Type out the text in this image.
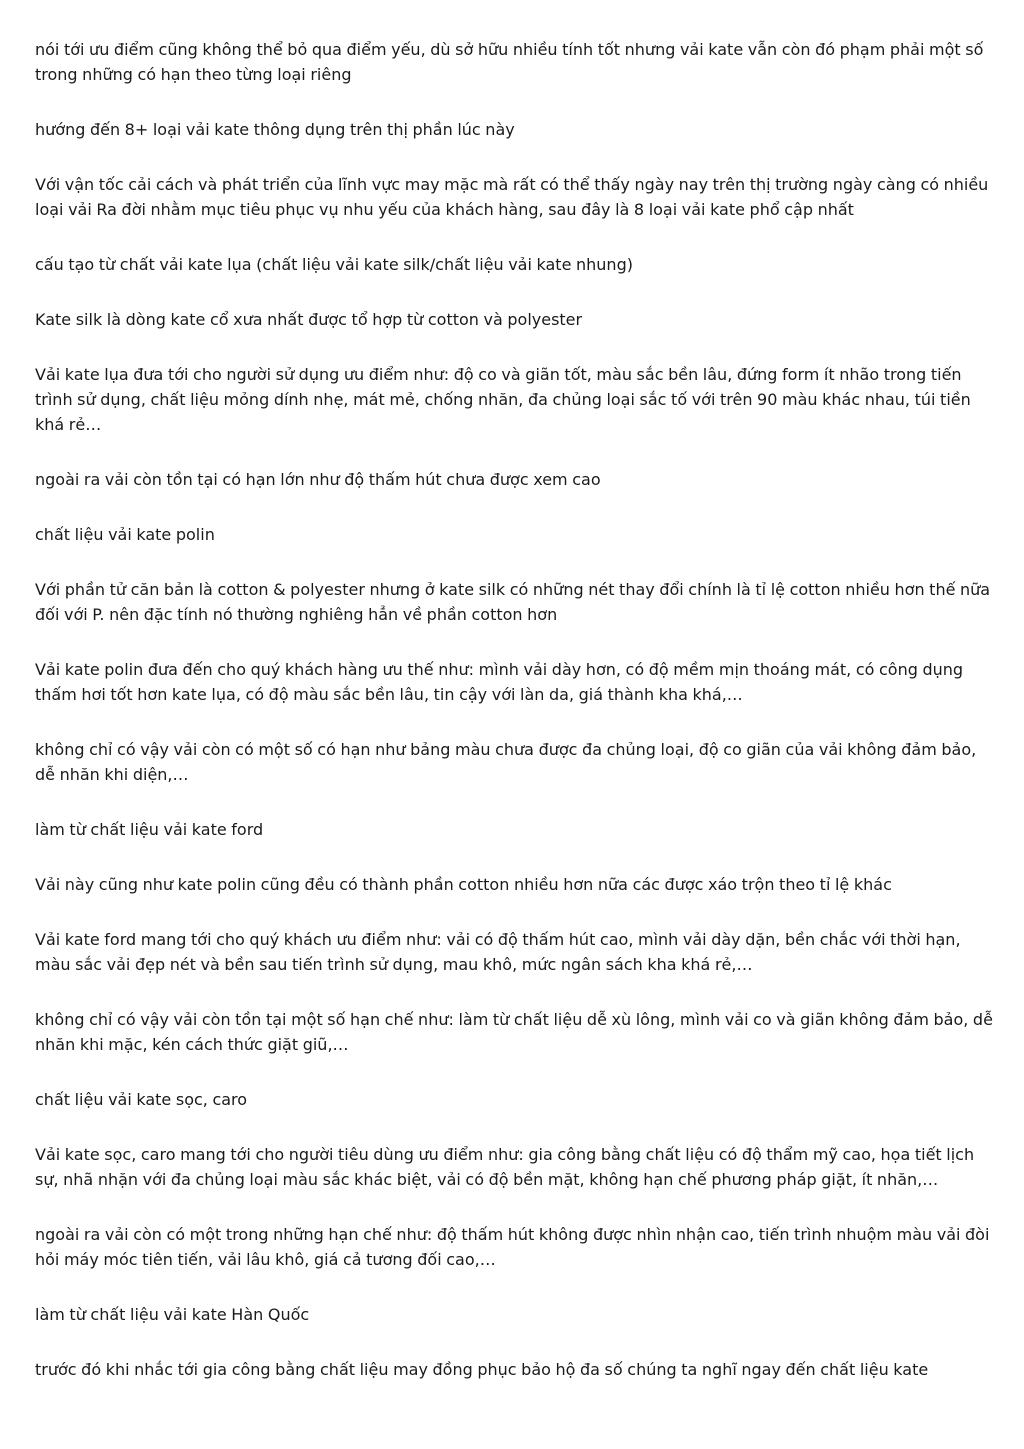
nói tới ưu điểm cũng không thể bỏ qua điểm yếu, dù sở hữu nhiều tính tốt nhưng vải kate vẫn còn đó phạm phải một số trong những có hạn theo từng loại riêng

hướng đến 8+ loại vải kate thông dụng trên thị phần lúc này

Với vận tốc cải cách và phát triển của lĩnh vực may mặc mà rất có thể thấy ngày nay trên thị trường ngày càng có nhiều loại vải Ra đời nhằm mục tiêu phục vụ nhu yếu của khách hàng, sau đây là 8 loại vải kate phổ cập nhất

cấu tạo từ chất vải kate lụa (chất liệu vải kate silk/chất liệu vải kate nhung)

Kate silk là dòng kate cổ xưa nhất được tổ hợp từ cotton và polyester

Vải kate lụa đưa tới cho người sử dụng ưu điểm như: độ co và giãn tốt, màu sắc bền lâu, đứng form ít nhão trong tiến trình sử dụng, chất liệu mỏng dính nhẹ, mát mẻ, chống nhăn, đa chủng loại sắc tố với trên 90 màu khác nhau, túi tiền khá rẻ…

ngoài ra vải còn tồn tại có hạn lớn như độ thấm hút chưa được xem cao

chất liệu vải kate polin

Với phần tử căn bản là cotton & polyester nhưng ở kate silk có những nét thay đổi chính là tỉ lệ cotton nhiều hơn thế nữa đối với P. nên đặc tính nó thường nghiêng hẳn về phần cotton hơn

Vải kate polin đưa đến cho quý khách hàng ưu thế như: mình vải dày hơn, có độ mềm mịn thoáng mát, có công dụng thấm hơi tốt hơn kate lụa, có độ màu sắc bền lâu, tin cậy với làn da, giá thành kha khá,…

không chỉ có vậy vải còn có một số có hạn như bảng màu chưa được đa chủng loại, độ co giãn của vải không đảm bảo, dễ nhăn khi diện,…

làm từ chất liệu vải kate ford

Vải này cũng như kate polin cũng đều có thành phần cotton nhiều hơn nữa các được xáo trộn theo tỉ lệ khác

Vải kate ford mang tới cho quý khách ưu điểm như: vải có độ thấm hút cao, mình vải dày dặn, bền chắc với thời hạn, màu sắc vải đẹp nét và bền sau tiến trình sử dụng, mau khô, mức ngân sách kha khá rẻ,…

không chỉ có vậy vải còn tồn tại một số hạn chế như: làm từ chất liệu dễ xù lông, mình vải co và giãn không đảm bảo, dễ nhăn khi mặc, kén cách thức giặt giũ,…

chất liệu vải kate sọc, caro

Vải kate sọc, caro mang tới cho người tiêu dùng ưu điểm như: gia công bằng chất liệu có độ thẩm mỹ cao, họa tiết lịch sự, nhã nhặn với đa chủng loại màu sắc khác biệt, vải có độ bền mặt, không hạn chế phương pháp giặt, ít nhăn,…

ngoài ra vải còn có một trong những hạn chế như: độ thấm hút không được nhìn nhận cao, tiến trình nhuộm màu vải đòi hỏi máy móc tiên tiến, vải lâu khô, giá cả tương đối cao,…

làm từ chất liệu vải kate Hàn Quốc

trước đó khi nhắc tới gia công bằng chất liệu may đồng phục bảo hộ đa số chúng ta nghĩ ngay đến chất liệu kate
